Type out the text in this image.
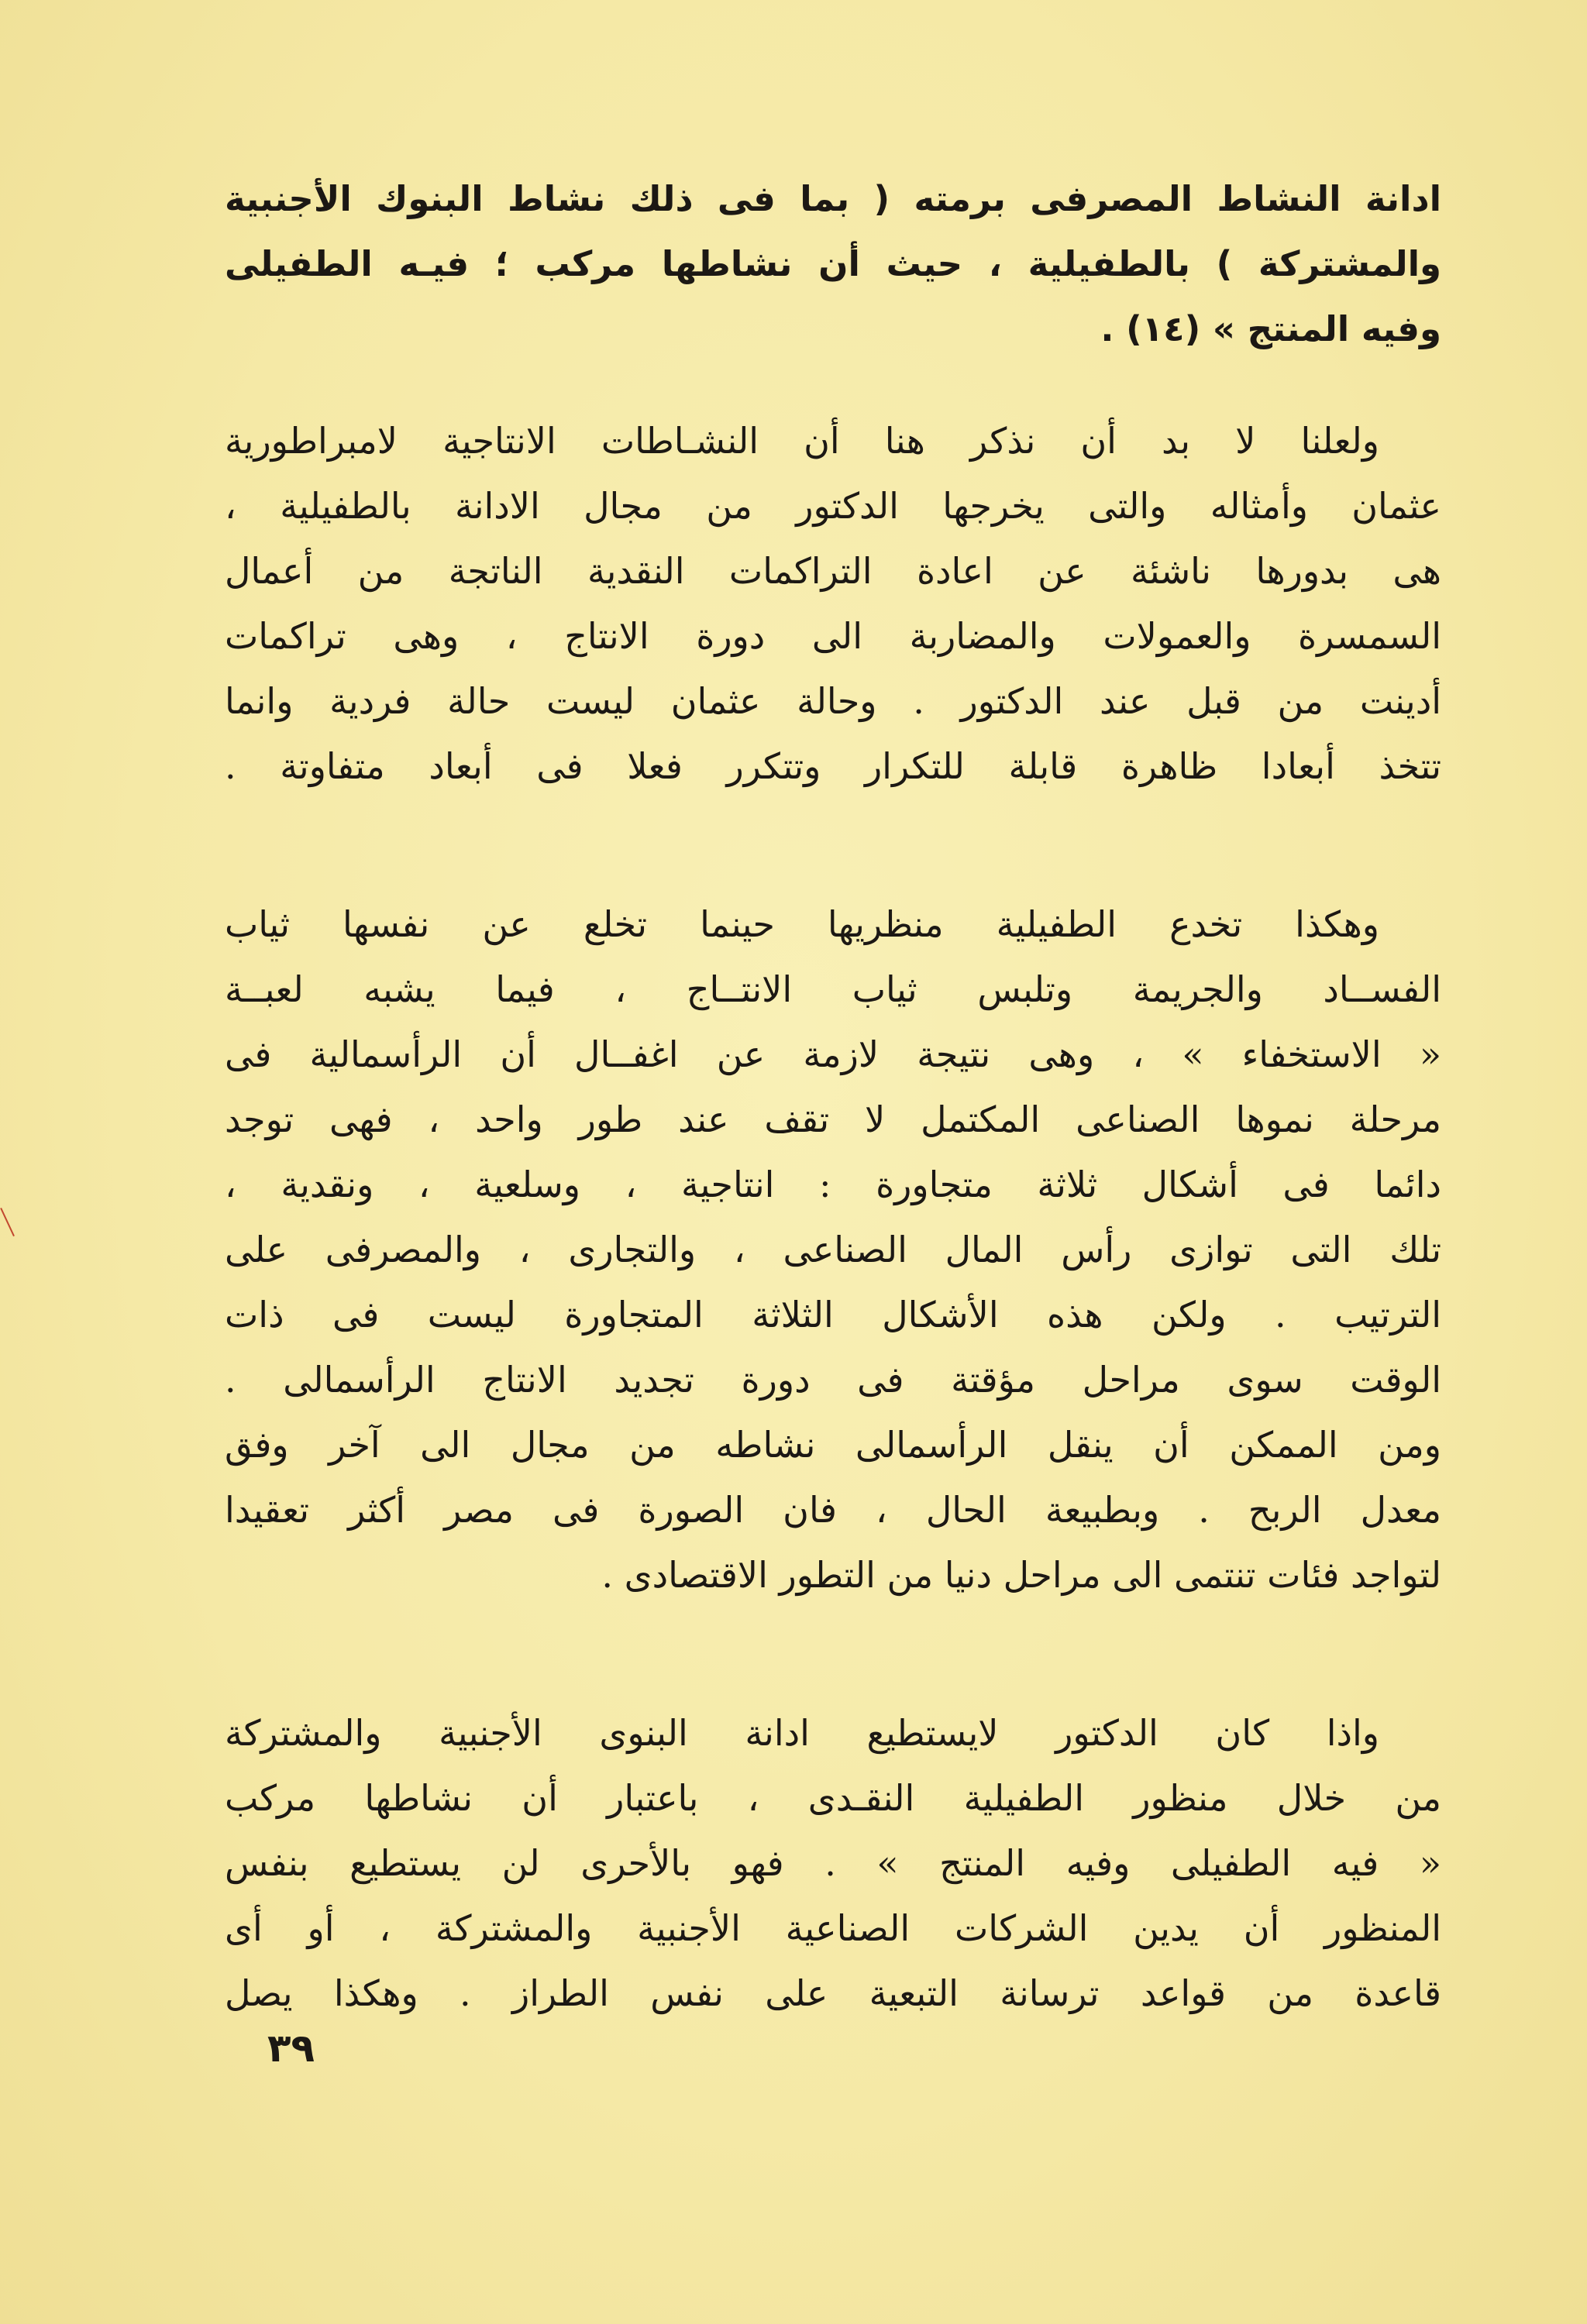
ادانة النشاط المصرفى برمته ( بما فى ذلك نشاط البنوك الأجنبية
والمشتركة ) بالطفيلية ، حيث أن نشاطها مركب ؛ فيـه الطفيلى
وفيه المنتج » (١٤) .
ولعلنا لا بد أن نذكر هنا أن النشـاطات الانتاجية لامبراطورية
عثمان وأمثاله والتى يخرجها الدكتور من مجال الادانة بالطفيلية ،
هى بدورها ناشئة عن اعادة التراكمات النقدية الناتجة من أعمال
السمسرة والعمولات والمضاربة الى دورة الانتاج ، وهى تراكمات
أدينت من قبل عند الدكتور . وحالة عثمان ليست حالة فردية وانما
تتخذ أبعادا ظاهرة قابلة للتكرار وتتكرر فعلا فى أبعاد متفاوتة .
وهكذا تخدع الطفيلية منظريها حينما تخلع عن نفسها ثياب
الفســاد والجريمة وتلبس ثياب الانتــاج ، فيما يشبه لعبــة
« الاستخفاء » ، وهى نتيجة لازمة عن اغفــال أن الرأسمالية فى
مرحلة نموها الصناعى المكتمل لا تقف عند طور واحد ، فهى توجد
دائما فى أشكال ثلاثة متجاورة : انتاجية ، وسلعية ، ونقدية ،
تلك التى توازى رأس المال الصناعى ، والتجارى ، والمصرفى على
الترتيب . ولكن هذه الأشكال الثلاثة المتجاورة ليست فى ذات
الوقت سوى مراحل مؤقتة فى دورة تجديد الانتاج الرأسمالى .
ومن الممكن أن ينقل الرأسمالى نشاطه من مجال الى آخر وفق
معدل الربح . وبطبيعة الحال ، فان الصورة فى مصر أكثر تعقيدا
لتواجد فئات تنتمى الى مراحل دنيا من التطور الاقتصادى .
واذا كان الدكتور لايستطيع ادانة البنوى الأجنبية والمشتركة
من خلال منظور الطفيلية النقـدى ، باعتبار أن نشاطها مركب
« فيه الطفيلى وفيه المنتج » . فهو بالأحرى لن يستطيع بنفس
المنظور أن يدين الشركات الصناعية الأجنبية والمشتركة ، أو أى
قاعدة من قواعد ترسانة التبعية على نفس الطراز . وهكذا يصل
٣٩
